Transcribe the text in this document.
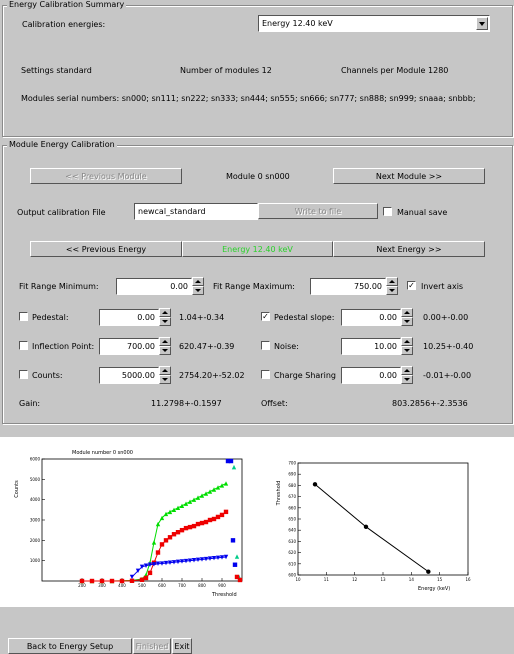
Energy Calibration Summary
Calibration energies:	Energy 12.40 keV
Settings standard	Number of modules 12	Channels per Module 1280
Modules serial numbers: sn000; sn111; sn222; sn333; sn444; sn555; sn666; sn777; sn888; sn999; snaaa; snbbb;
Module Energy Calibration
<< Previous Module	Module 0 sn000	Next Module >>
Output calibration File	newcal_standard	Write to file	Manual save
<< Previous Energy	Energy 12.40 keV	Next Energy >>
Fit Range Minimum:	0.00	Fit Range Maximum:	750.00	✓ Invert axis
Pedestal:	0.00	1.04+-0.34	✓ Pedestal slope:	0.00	0.00+-0.00
Inflection Point:	700.00	620.47+-0.39	Noise:	10.00	10.25+-0.40
Counts:	5000.00	2754.20+-52.02	Charge Sharing	0.00	-0.01+-0.00
Gain:	11.2798+-0.1597	Offset:	803.2856+-2.3536
Module number 0 sn000
1000
2000
3000
4000
5000
6000
200	300	400	500	600	700	800	900
Threshold
Counts
600
610
620
630
640
650
660
670
680
690
700
10	11	12	13	14	15	16
Energy (keV)
Threshold
Back to Energy Setup	Finished Exit
